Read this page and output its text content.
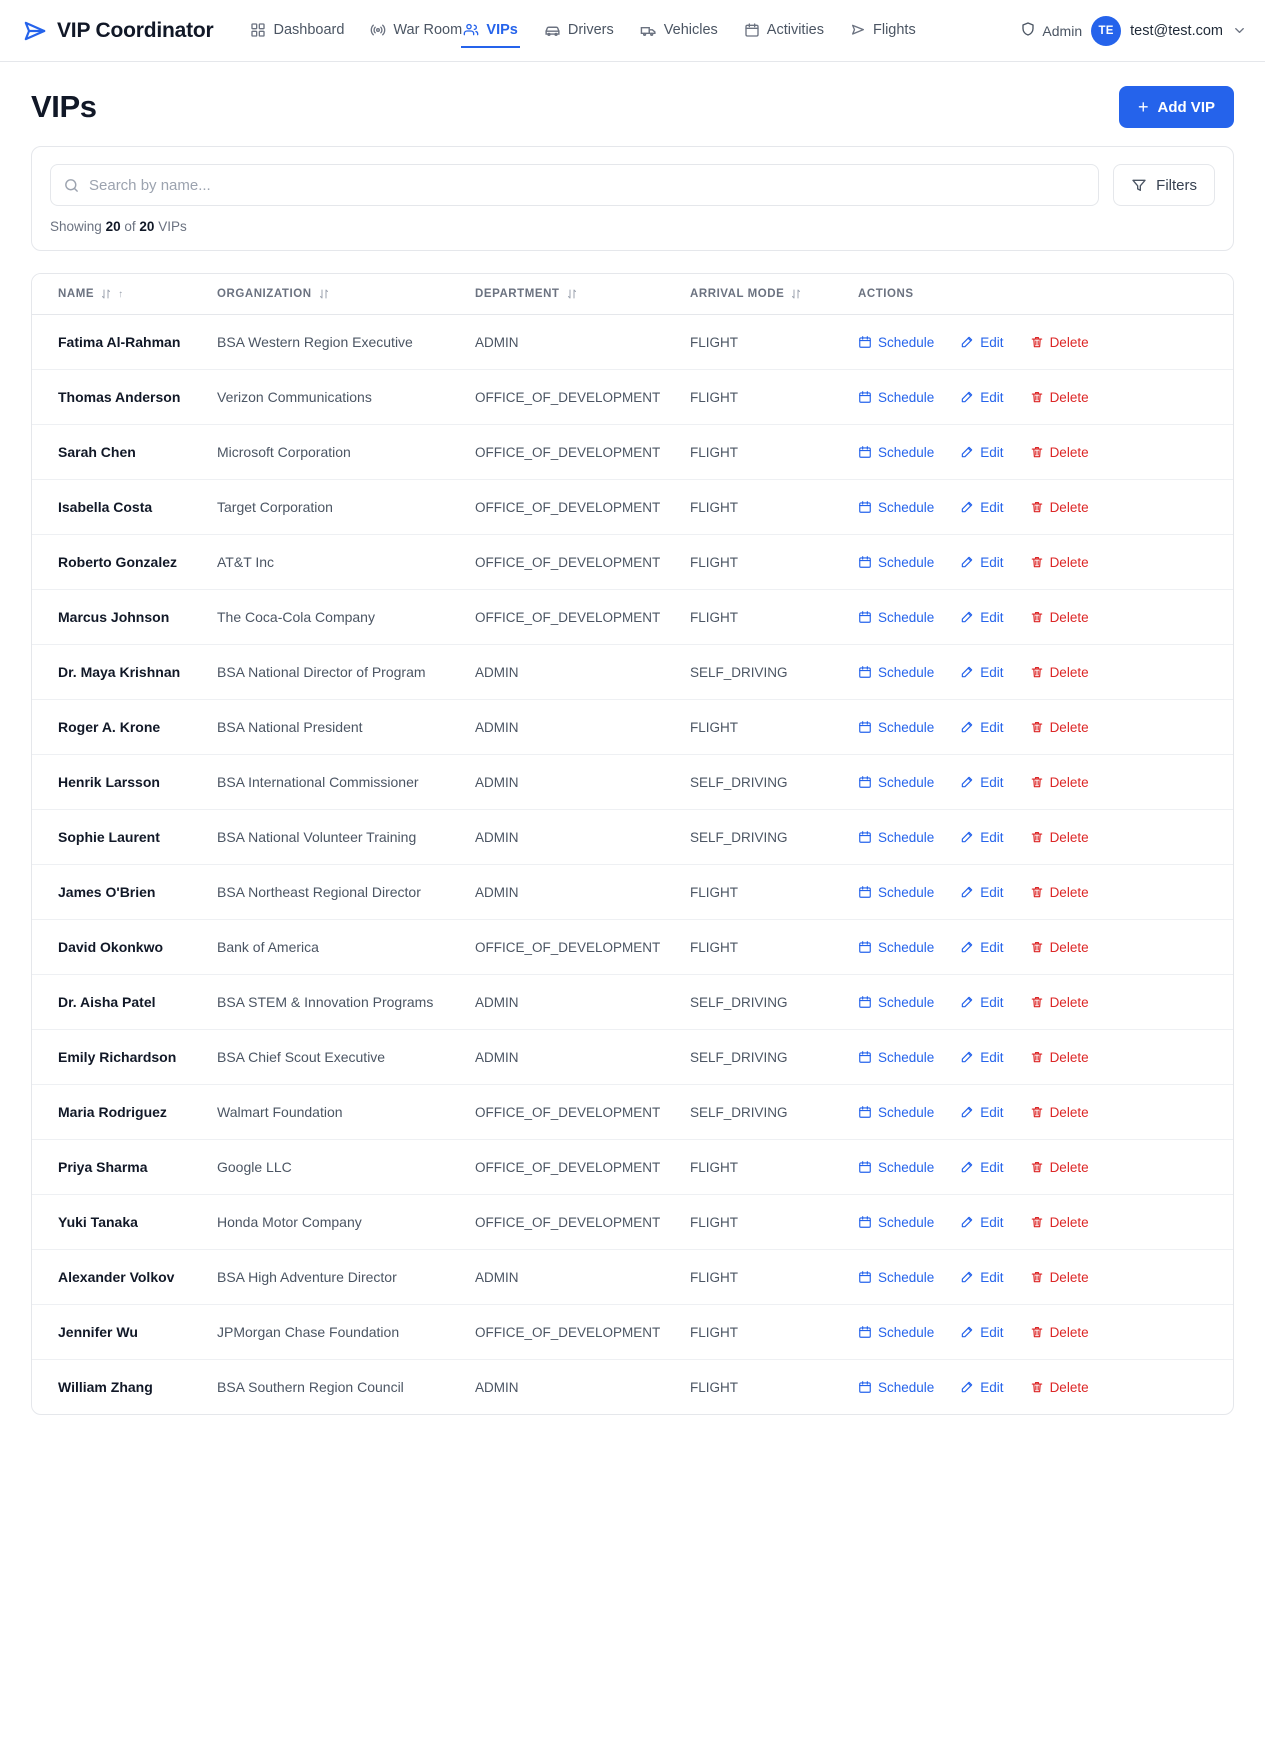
VIP Coordinator	Dashboard	War Room VIPs	Drivers	Vehicles	Activities	Flights	Admin	TE	test@test.com
VIPs	+ Add VIP
Search by name...
Filters
Showing 20 of 20 VIPs
NAME ↑	ORGANIZATION	DEPARTMENT	ARRIVAL MODE	ACTIONS

Fatima Al-Rahman	BSA Western Region Executive	ADMIN	FLIGHT	Schedule Edit Delete

Thomas Anderson	Verizon Communications	OFFICE_OF_DEVELOPMENT	FLIGHT	Schedule Edit Delete

Sarah Chen	Microsoft Corporation	OFFICE_OF_DEVELOPMENT	FLIGHT	Schedule Edit Delete

Isabella Costa	Target Corporation	OFFICE_OF_DEVELOPMENT	FLIGHT	Schedule Edit Delete

Roberto Gonzalez	AT&T Inc	OFFICE_OF_DEVELOPMENT	FLIGHT	Schedule Edit Delete

Marcus Johnson	The Coca-Cola Company	OFFICE_OF_DEVELOPMENT	FLIGHT	Schedule Edit Delete

Dr. Maya Krishnan	BSA National Director of Program	ADMIN	SELF_DRIVING	Schedule Edit Delete

Roger A. Krone	BSA National President	ADMIN	FLIGHT	Schedule Edit Delete

Henrik Larsson	BSA International Commissioner	ADMIN	SELF_DRIVING	Schedule Edit Delete

Sophie Laurent	BSA National Volunteer Training	ADMIN	SELF_DRIVING	Schedule Edit Delete

James O'Brien	BSA Northeast Regional Director	ADMIN	FLIGHT	Schedule Edit Delete

David Okonkwo	Bank of America	OFFICE_OF_DEVELOPMENT	FLIGHT	Schedule Edit Delete

Dr. Aisha Patel	BSA STEM & Innovation Programs	ADMIN	SELF_DRIVING	Schedule Edit Delete

Emily Richardson	BSA Chief Scout Executive	ADMIN	SELF_DRIVING	Schedule Edit Delete

Maria Rodriguez	Walmart Foundation	OFFICE_OF_DEVELOPMENT	SELF_DRIVING	Schedule Edit Delete

Priya Sharma	Google LLC	OFFICE_OF_DEVELOPMENT	FLIGHT	Schedule Edit Delete

Yuki Tanaka	Honda Motor Company	OFFICE_OF_DEVELOPMENT	FLIGHT	Schedule Edit Delete

Alexander Volkov	BSA High Adventure Director	ADMIN	FLIGHT	Schedule Edit Delete

Jennifer Wu	JPMorgan Chase Foundation	OFFICE_OF_DEVELOPMENT	FLIGHT	Schedule Edit Delete

William Zhang	BSA Southern Region Council	ADMIN	FLIGHT	Schedule Edit Delete
